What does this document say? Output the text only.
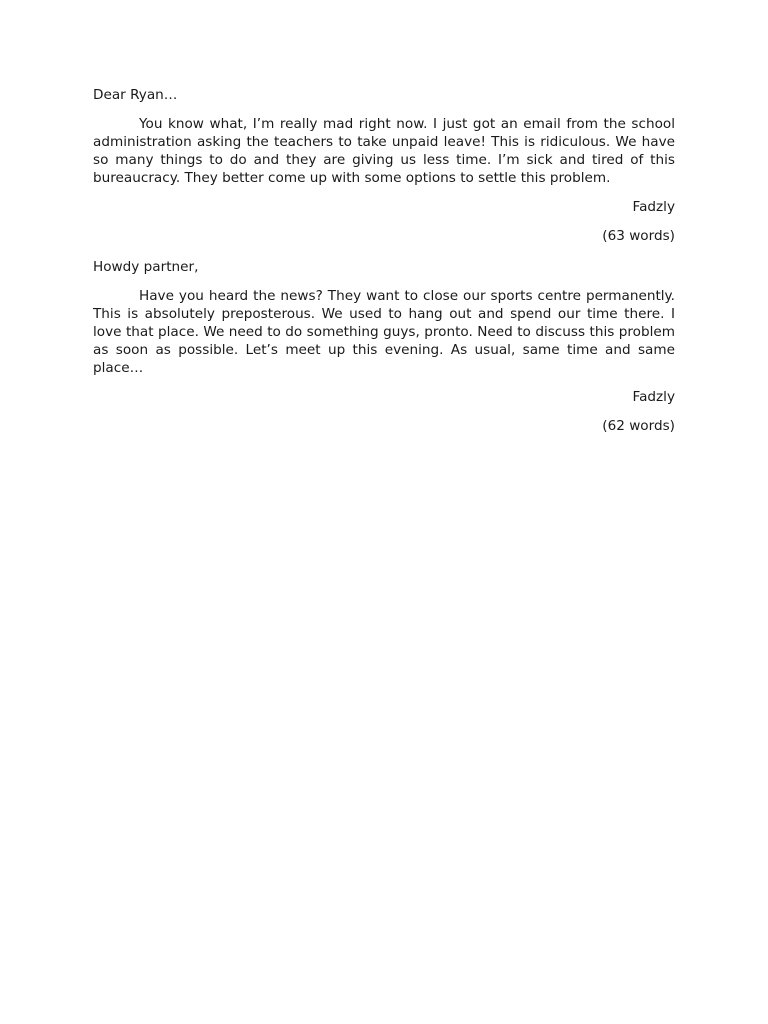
Dear Ryan…

You know what, I’m really mad right now. I just got an email from the school administration asking the teachers to take unpaid leave! This is ridiculous. We have so many things to do and they are giving us less time. I’m sick and tired of this bureaucracy. They better come up with some options to settle this problem.

Fadzly

(63 words)

Howdy partner,

Have you heard the news? They want to close our sports centre permanently. This is absolutely preposterous. We used to hang out and spend our time there. I love that place. We need to do something guys, pronto. Need to discuss this problem as soon as possible. Let’s meet up this evening. As usual, same time and same place…

Fadzly

(62 words)
